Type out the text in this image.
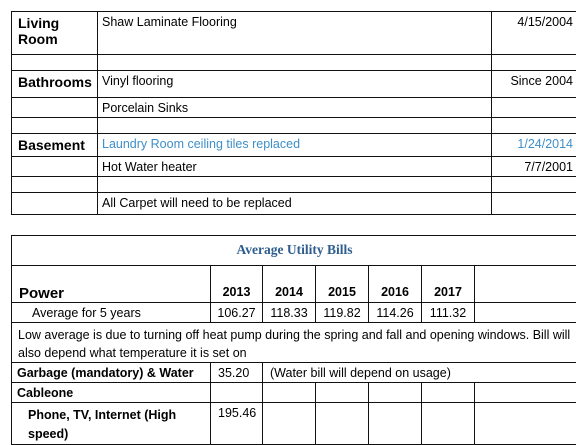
Living Room	Shaw Laminate Flooring	4/15/2004

Bathrooms	Vinyl flooring	Since 2004
	Porcelain Sinks	

Basement	Laundry Room ceiling tiles replaced	1/24/2014
	Hot Water heater	7/7/2001

	All Carpet will need to be replaced	
Average Utility Bills						
Power	2013	2014	2015	2016	2017	
Average for 5 years	106.27	118.33	119.82	114.26	111.32	
Low average is due to turning off heat pump during the spring and fall and opening windows. Bill will also depend what temperature it is set on						
Garbage (mandatory) & Water	35.20	(Water bill will depend on usage)				
Cableone						
Phone, TV, Internet (High speed)	195.46					
